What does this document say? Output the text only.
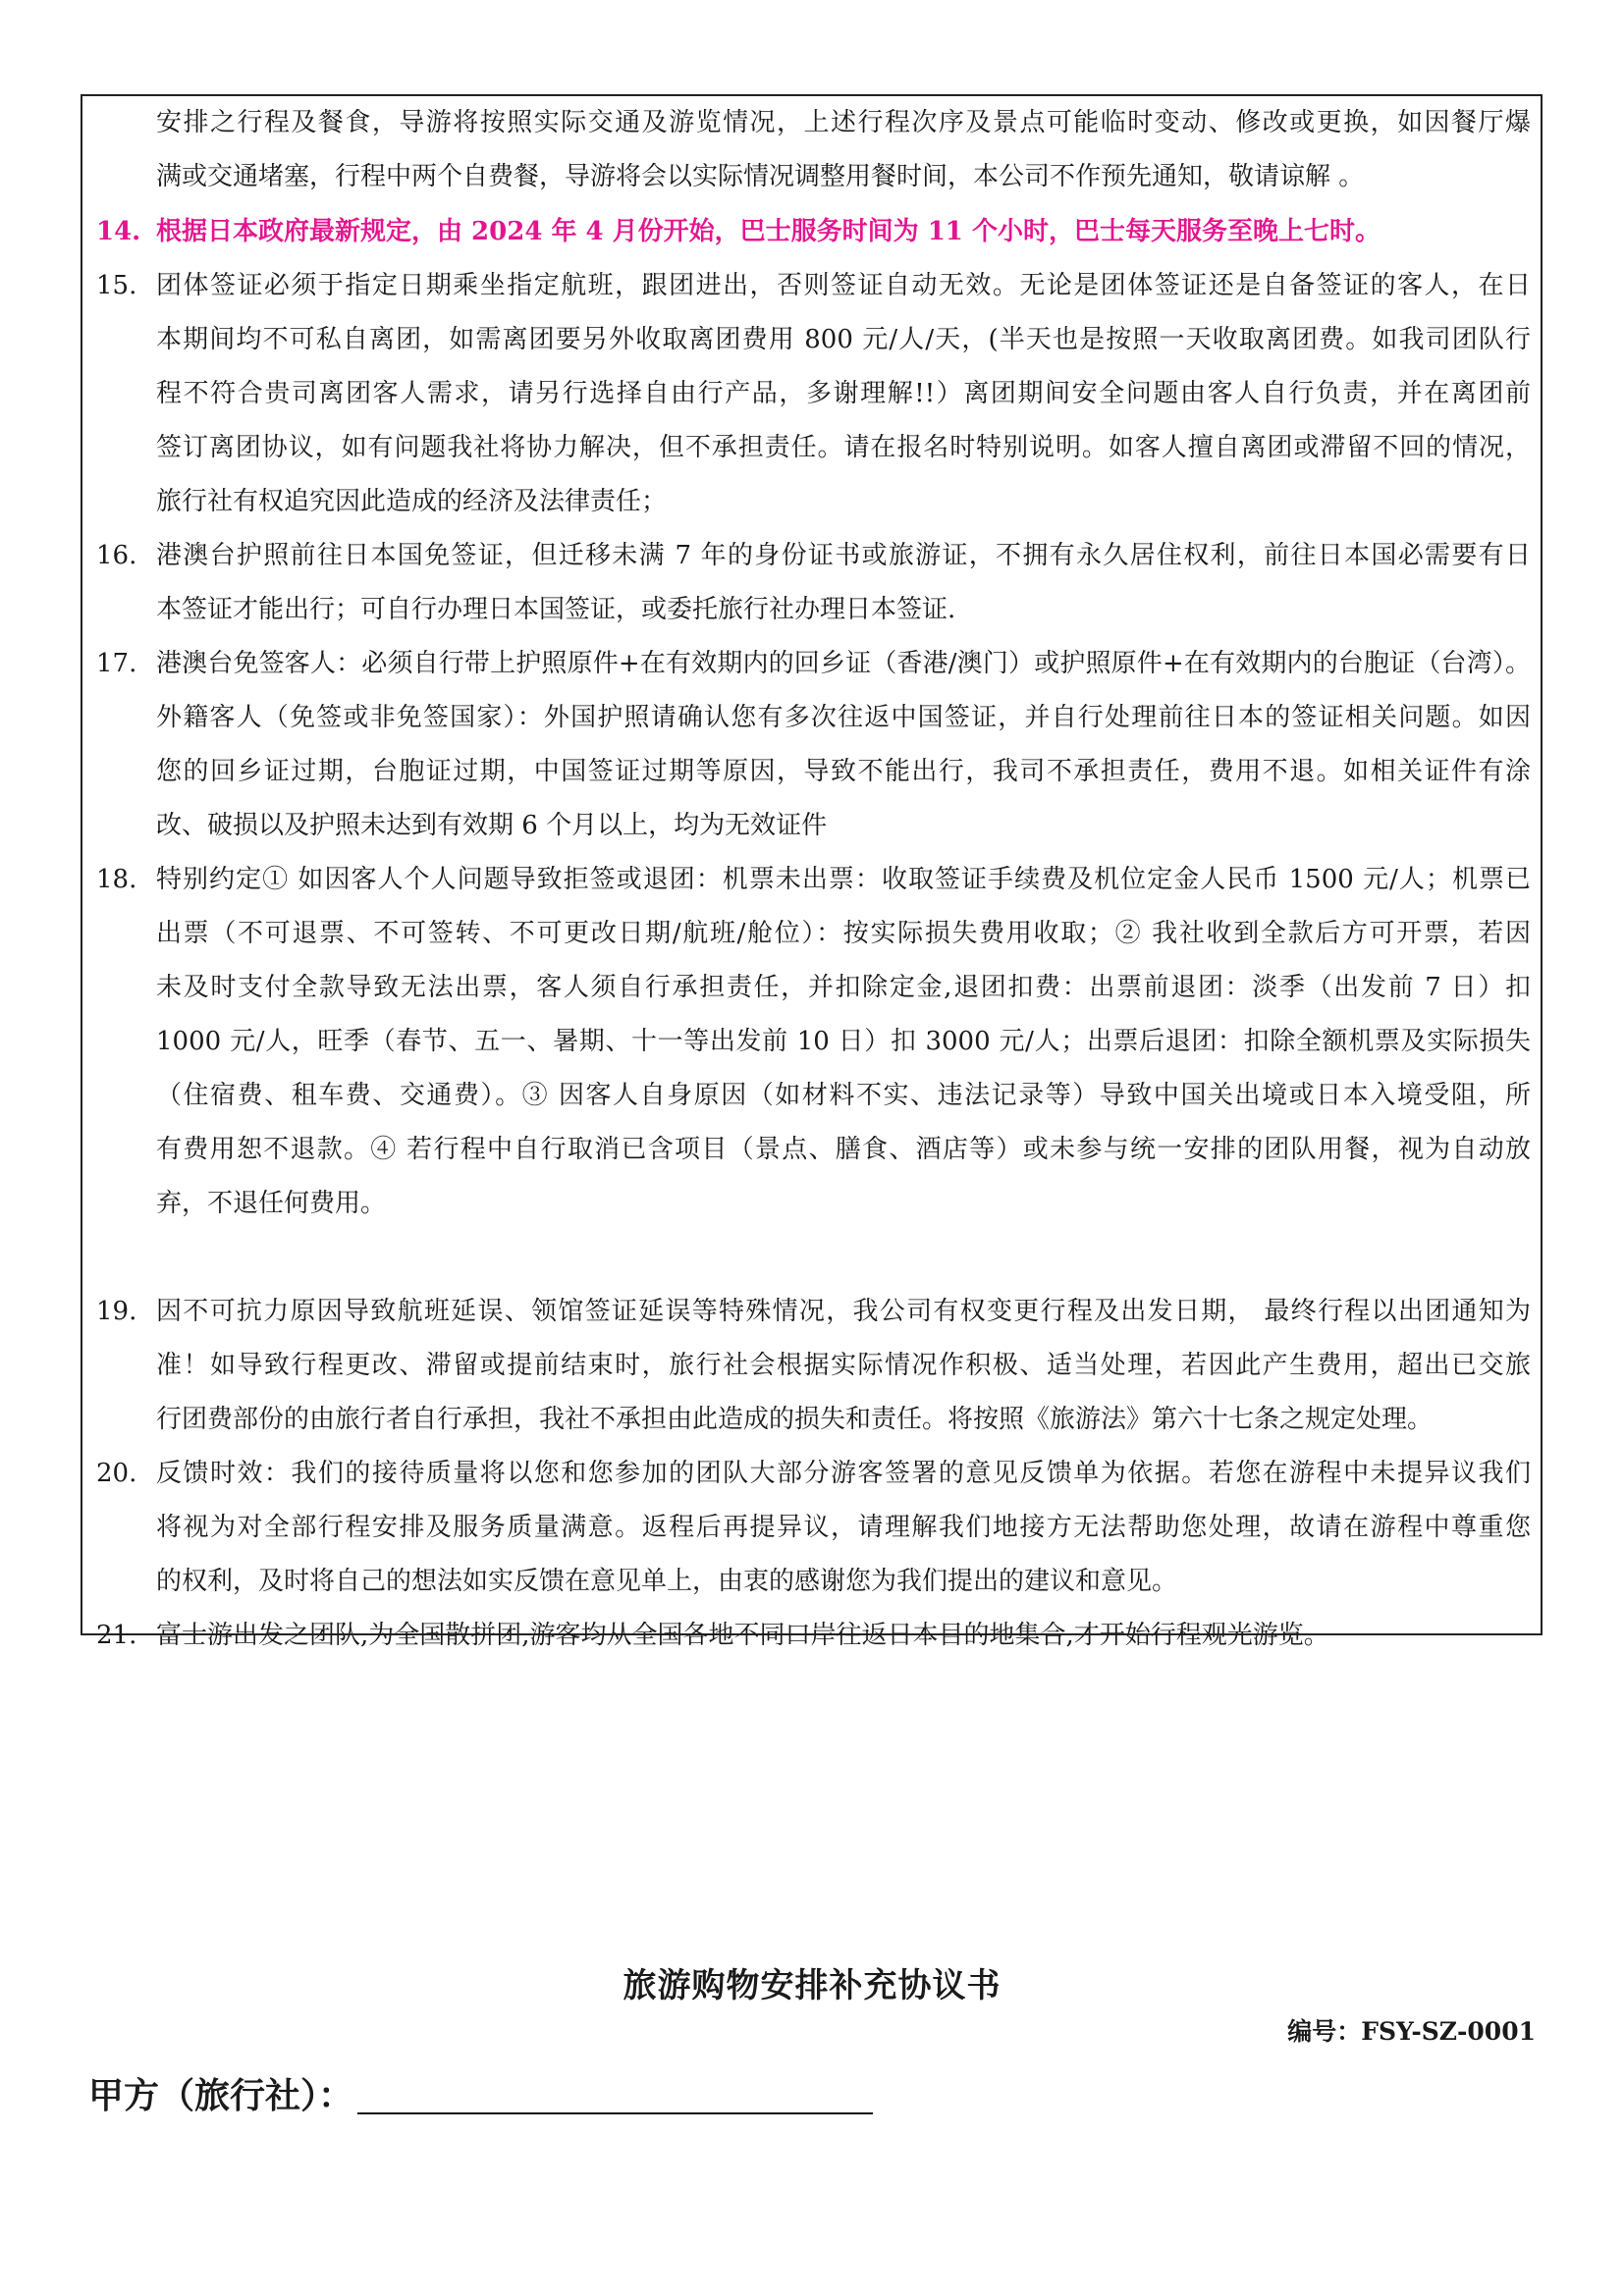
安排之行程及餐食，导游将按照实际交通及游览情况，上述行程次序及景点可能临时变动、修改或更换，如因餐厅爆
满或交通堵塞，行程中两个自费餐，导游将会以实际情况调整用餐时间，本公司不作预先通知，敬请谅解 。
14. 根据日本政府最新规定，由 2024 年 4 月份开始，巴士服务时间为 11 个小时，巴士每天服务至晚上七时。
15. 团体签证必须于指定日期乘坐指定航班，跟团进出，否则签证自动无效。无论是团体签证还是自备签证的客人，在日
本期间均不可私自离团，如需离团要另外收取离团费用 800 元/人/天，(半天也是按照一天收取离团费。如我司团队行
程不符合贵司离团客人需求，请另行选择自由行产品，多谢理解!!）离团期间安全问题由客人自行负责，并在离团前
签订离团协议，如有问题我社将协力解决，但不承担责任。请在报名时特别说明。如客人擅自离团或滞留不回的情况，
旅行社有权追究因此造成的经济及法律责任；
16. 港澳台护照前往日本国免签证，但迁移未满 7 年的身份证书或旅游证，不拥有永久居住权利，前往日本国必需要有日
本签证才能出行；可自行办理日本国签证，或委托旅行社办理日本签证.
17. 港澳台免签客人：必须自行带上护照原件+在有效期内的回乡证（香港/澳门）或护照原件+在有效期内的台胞证（台湾）。
外籍客人（免签或非免签国家）：外国护照请确认您有多次往返中国签证，并自行处理前往日本的签证相关问题。如因
您的回乡证过期，台胞证过期，中国签证过期等原因，导致不能出行，我司不承担责任，费用不退。如相关证件有涂
改、破损以及护照未达到有效期 6 个月以上，均为无效证件
18. 特别约定① 如因客人个人问题导致拒签或退团：机票未出票：收取签证手续费及机位定金人民币 1500 元/人；机票已
出票（不可退票、不可签转、不可更改日期/航班/舱位）：按实际损失费用收取；② 我社收到全款后方可开票，若因
未及时支付全款导致无法出票，客人须自行承担责任，并扣除定金,退团扣费：出票前退团：淡季（出发前 7 日）扣
1000 元/人，旺季（春节、五一、暑期、十一等出发前 10 日）扣 3000 元/人；出票后退团：扣除全额机票及实际损失
（住宿费、租车费、交通费）。③ 因客人自身原因（如材料不实、违法记录等）导致中国关出境或日本入境受阻，所
有费用恕不退款。④ 若行程中自行取消已含项目（景点、膳食、酒店等）或未参与统一安排的团队用餐，视为自动放
弃，不退任何费用。
19. 因不可抗力原因导致航班延误、领馆签证延误等特殊情况，我公司有权变更行程及出发日期， 最终行程以出团通知为
准！如导致行程更改、滞留或提前结束时，旅行社会根据实际情况作积极、适当处理，若因此产生费用，超出已交旅
行团费部份的由旅行者自行承担，我社不承担由此造成的损失和责任。将按照《旅游法》第六十七条之规定处理。
20. 反馈时效：我们的接待质量将以您和您参加的团队大部分游客签署的意见反馈单为依据。若您在游程中未提异议我们
将视为对全部行程安排及服务质量满意。返程后再提异议，请理解我们地接方无法帮助您处理，故请在游程中尊重您
的权利，及时将自己的想法如实反馈在意见单上，由衷的感谢您为我们提出的建议和意见。
21. 富士游出发之团队,为全国散拼团,游客均从全国各地不同口岸往返日本目的地集合,才开始行程观光游览。
旅游购物安排补充协议书
编号：FSY-SZ-0001
甲方（旅行社）：
